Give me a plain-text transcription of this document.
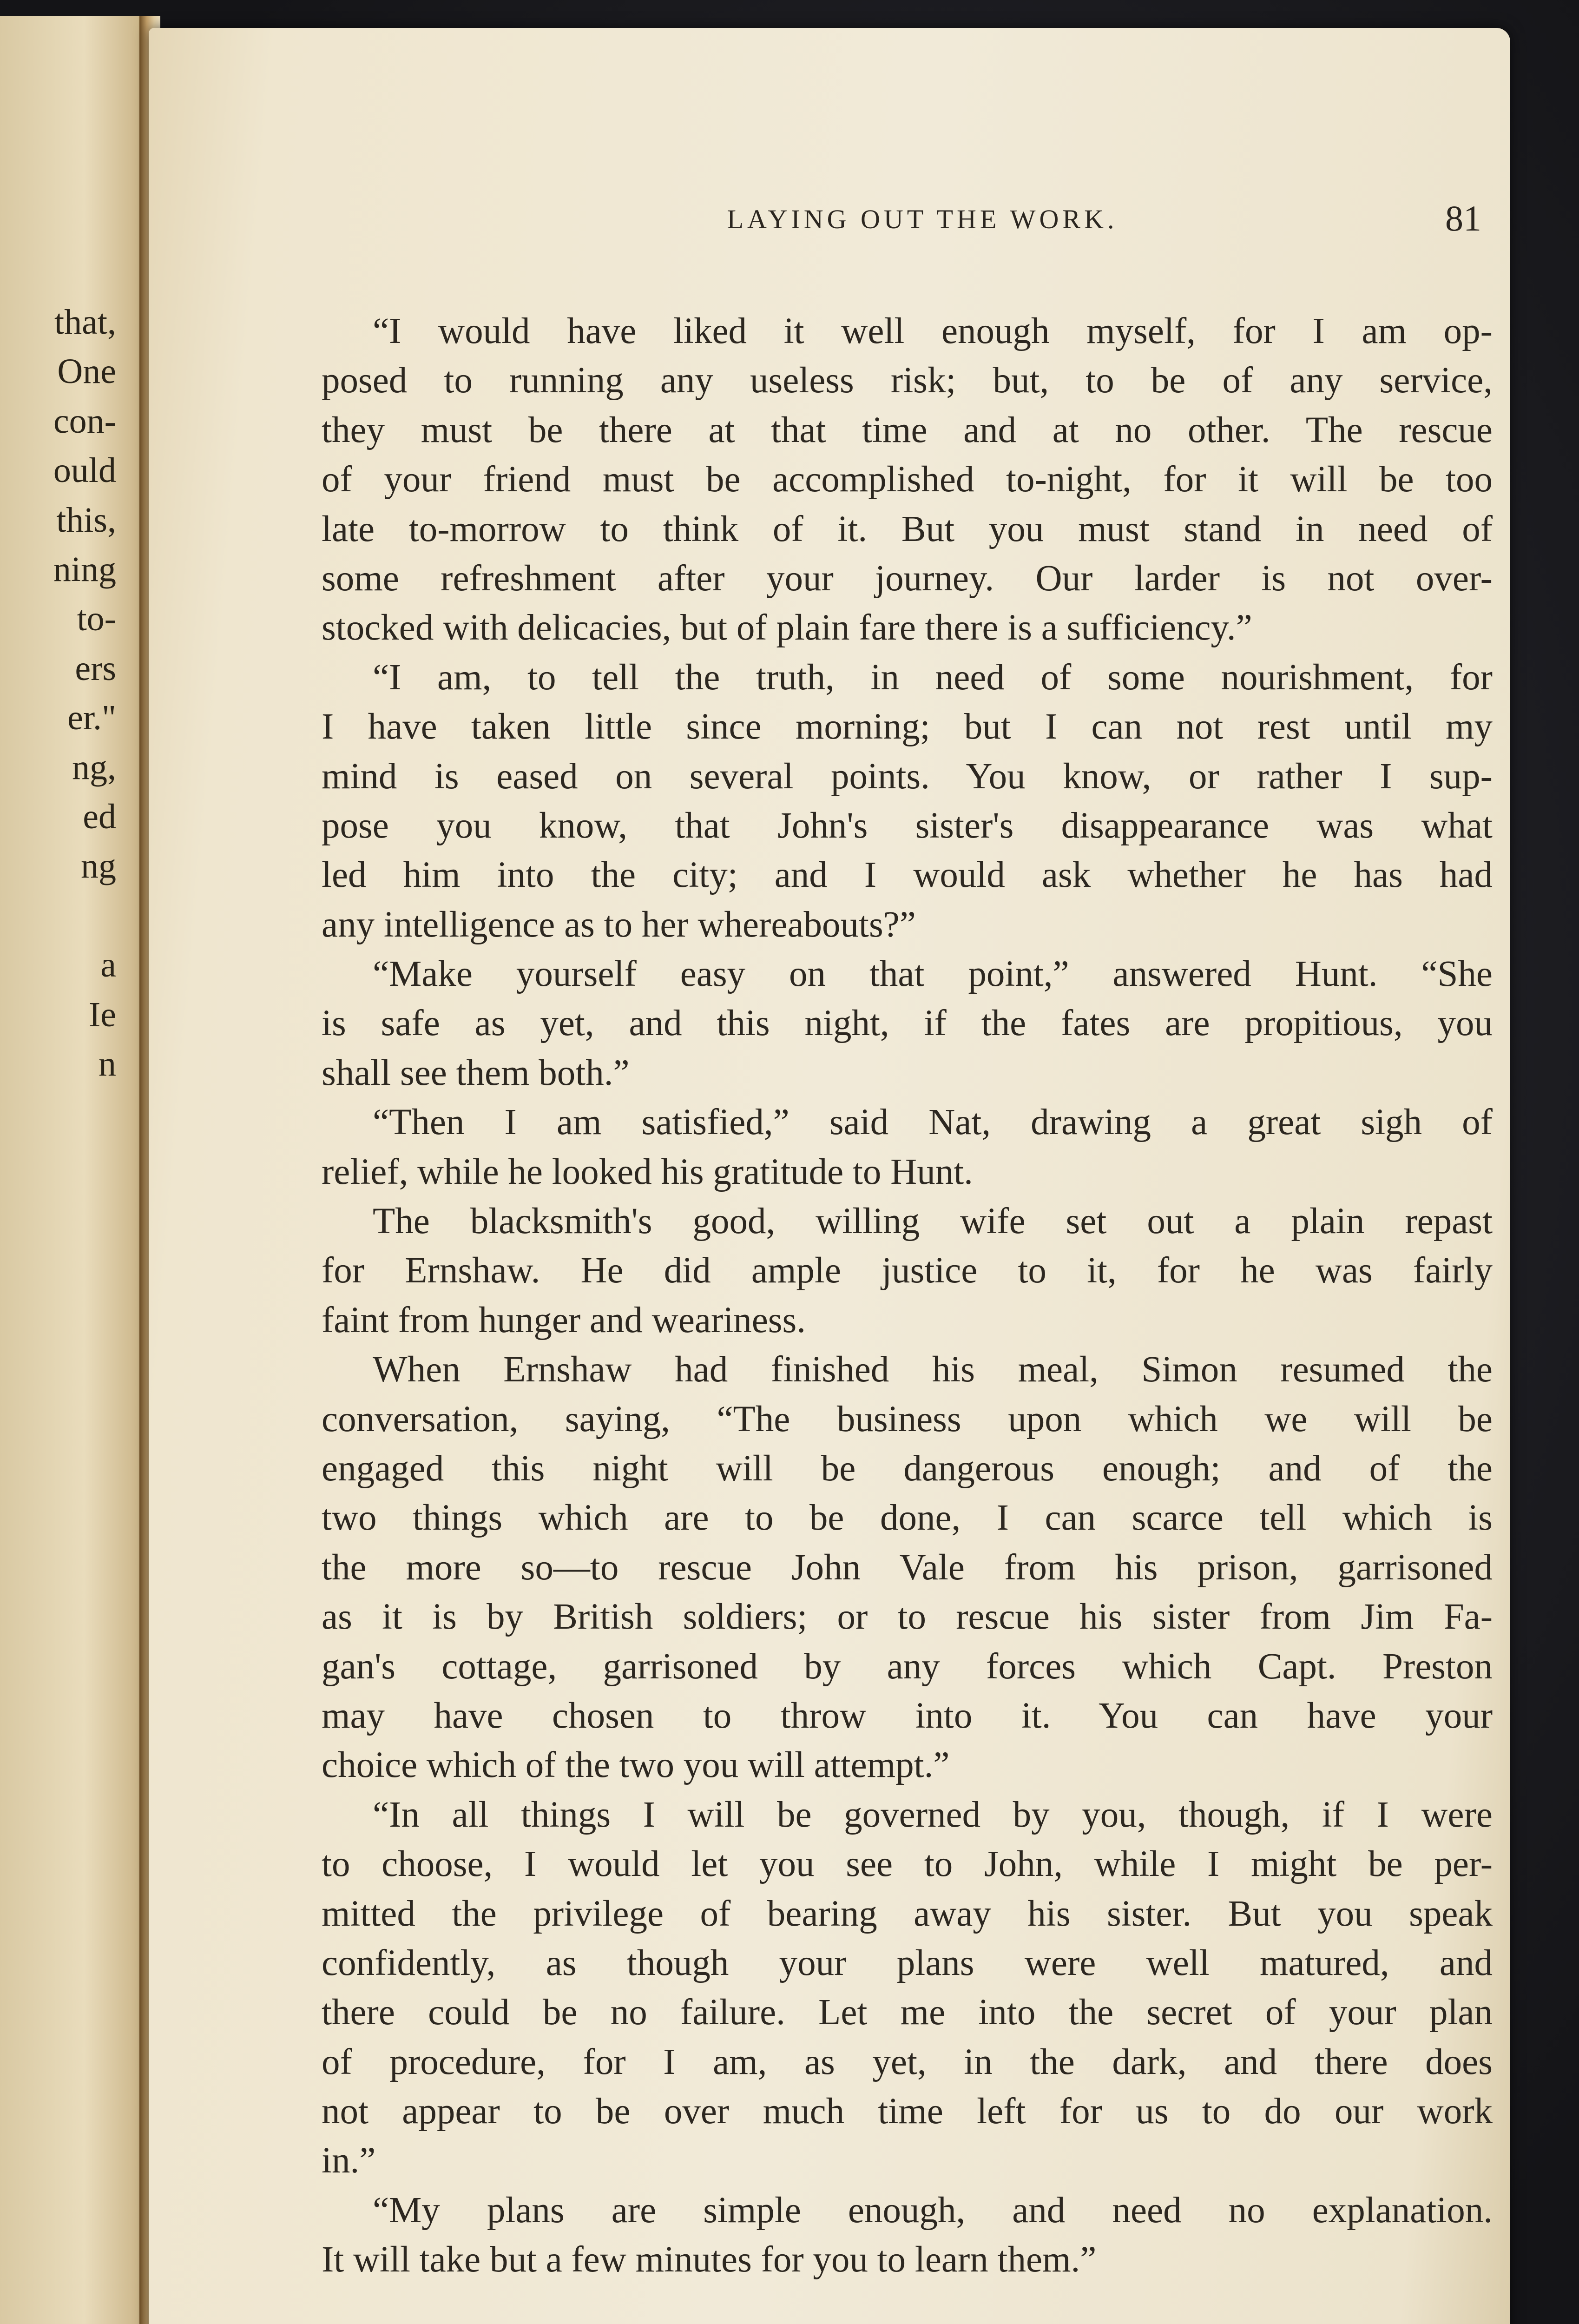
that,
One
con-
ould
this,
ning
to-
ers
er."
ng,
ed
ng
a
Ie
n
LAYING OUT THE WORK.	81
“I would have liked it well enough myself, for I am op-
posed to running any useless risk; but, to be of any service,
they must be there at that time and at no other. The rescue
of your friend must be accomplished to-night, for it will be too
late to-morrow to think of it. But you must stand in need of
some refreshment after your journey. Our larder is not over-
stocked with delicacies, but of plain fare there is a sufficiency.”
“I am, to tell the truth, in need of some nourishment, for
I have taken little since morning; but I can not rest until my
mind is eased on several points. You know, or rather I sup-
pose you know, that John's sister's disappearance was what
led him into the city; and I would ask whether he has had
any intelligence as to her whereabouts?”
“Make yourself easy on that point,” answered Hunt. “She
is safe as yet, and this night, if the fates are propitious, you
shall see them both.”
“Then I am satisfied,” said Nat, drawing a great sigh of
relief, while he looked his gratitude to Hunt.
The blacksmith's good, willing wife set out a plain repast
for Ernshaw. He did ample justice to it, for he was fairly
faint from hunger and weariness.
When Ernshaw had finished his meal, Simon resumed the
conversation, saying, “The business upon which we will be
engaged this night will be dangerous enough; and of the
two things which are to be done, I can scarce tell which is
the more so—to rescue John Vale from his prison, garrisoned
as it is by British soldiers; or to rescue his sister from Jim Fa-
gan's cottage, garrisoned by any forces which Capt. Preston
may have chosen to throw into it. You can have your
choice which of the two you will attempt.”
“In all things I will be governed by you, though, if I were
to choose, I would let you see to John, while I might be per-
mitted the privilege of bearing away his sister. But you speak
confidently, as though your plans were well matured, and
there could be no failure. Let me into the secret of your plan
of procedure, for I am, as yet, in the dark, and there does
not appear to be over much time left for us to do our work
in.”
“My plans are simple enough, and need no explanation.
It will take but a few minutes for you to learn them.”
